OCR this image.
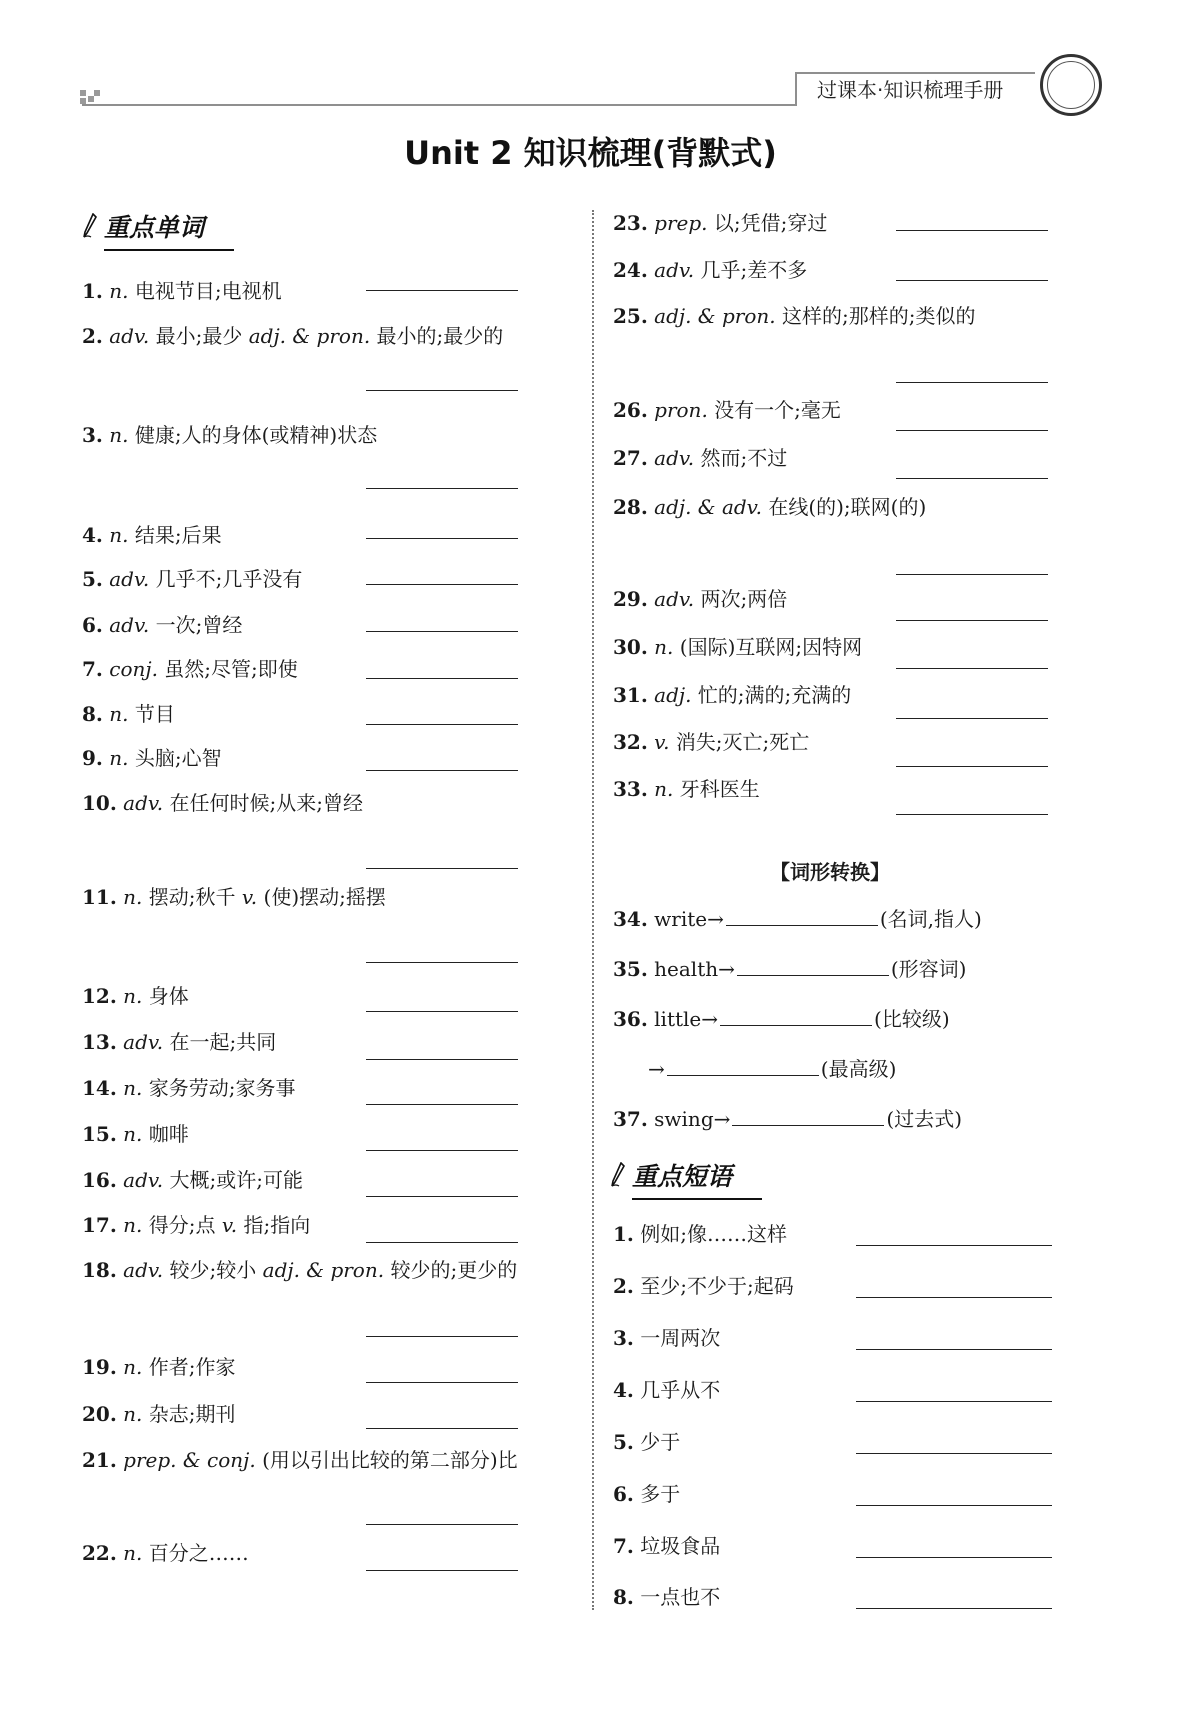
过课本·知识梳理手册
Unit 2 知识梳理(背默式)
重点单词
重点短语
【词形转换】
1. n. 电视节目;电视机
2. adv. 最小;最少 adj. & pron. 最小的;最少的
3. n. 健康;人的身体(或精神)状态
4. n. 结果;后果
5. adv. 几乎不;几乎没有
6. adv. 一次;曾经
7. conj. 虽然;尽管;即使
8. n. 节目
9. n. 头脑;心智
10. adv. 在任何时候;从来;曾经
11. n. 摆动;秋千 v. (使)摆动;摇摆
12. n. 身体
13. adv. 在一起;共同
14. n. 家务劳动;家务事
15. n. 咖啡
16. adv. 大概;或许;可能
17. n. 得分;点 v. 指;指向
18. adv. 较少;较小 adj. & pron. 较少的;更少的
19. n. 作者;作家
20. n. 杂志;期刊
21. prep. & conj. (用以引出比较的第二部分)比
22. n. 百分之……
23. prep. 以;凭借;穿过
24. adv. 几乎;差不多
25. adj. & pron. 这样的;那样的;类似的
26. pron. 没有一个;毫无
27. adv. 然而;不过
28. adj. & adv. 在线(的);联网(的)
29. adv. 两次;两倍
30. n. (国际)互联网;因特网
31. adj. 忙的;满的;充满的
32. v. 消失;灭亡;死亡
33. n. 牙科医生
34. write→	(名词,指人)
35. health→	(形容词)
36. little→	(比较级)
→	(最高级)
37. swing→	(过去式)
1. 例如;像……这样
2. 至少;不少于;起码
3. 一周两次
4. 几乎从不
5. 少于
6. 多于
7. 垃圾食品
8. 一点也不
